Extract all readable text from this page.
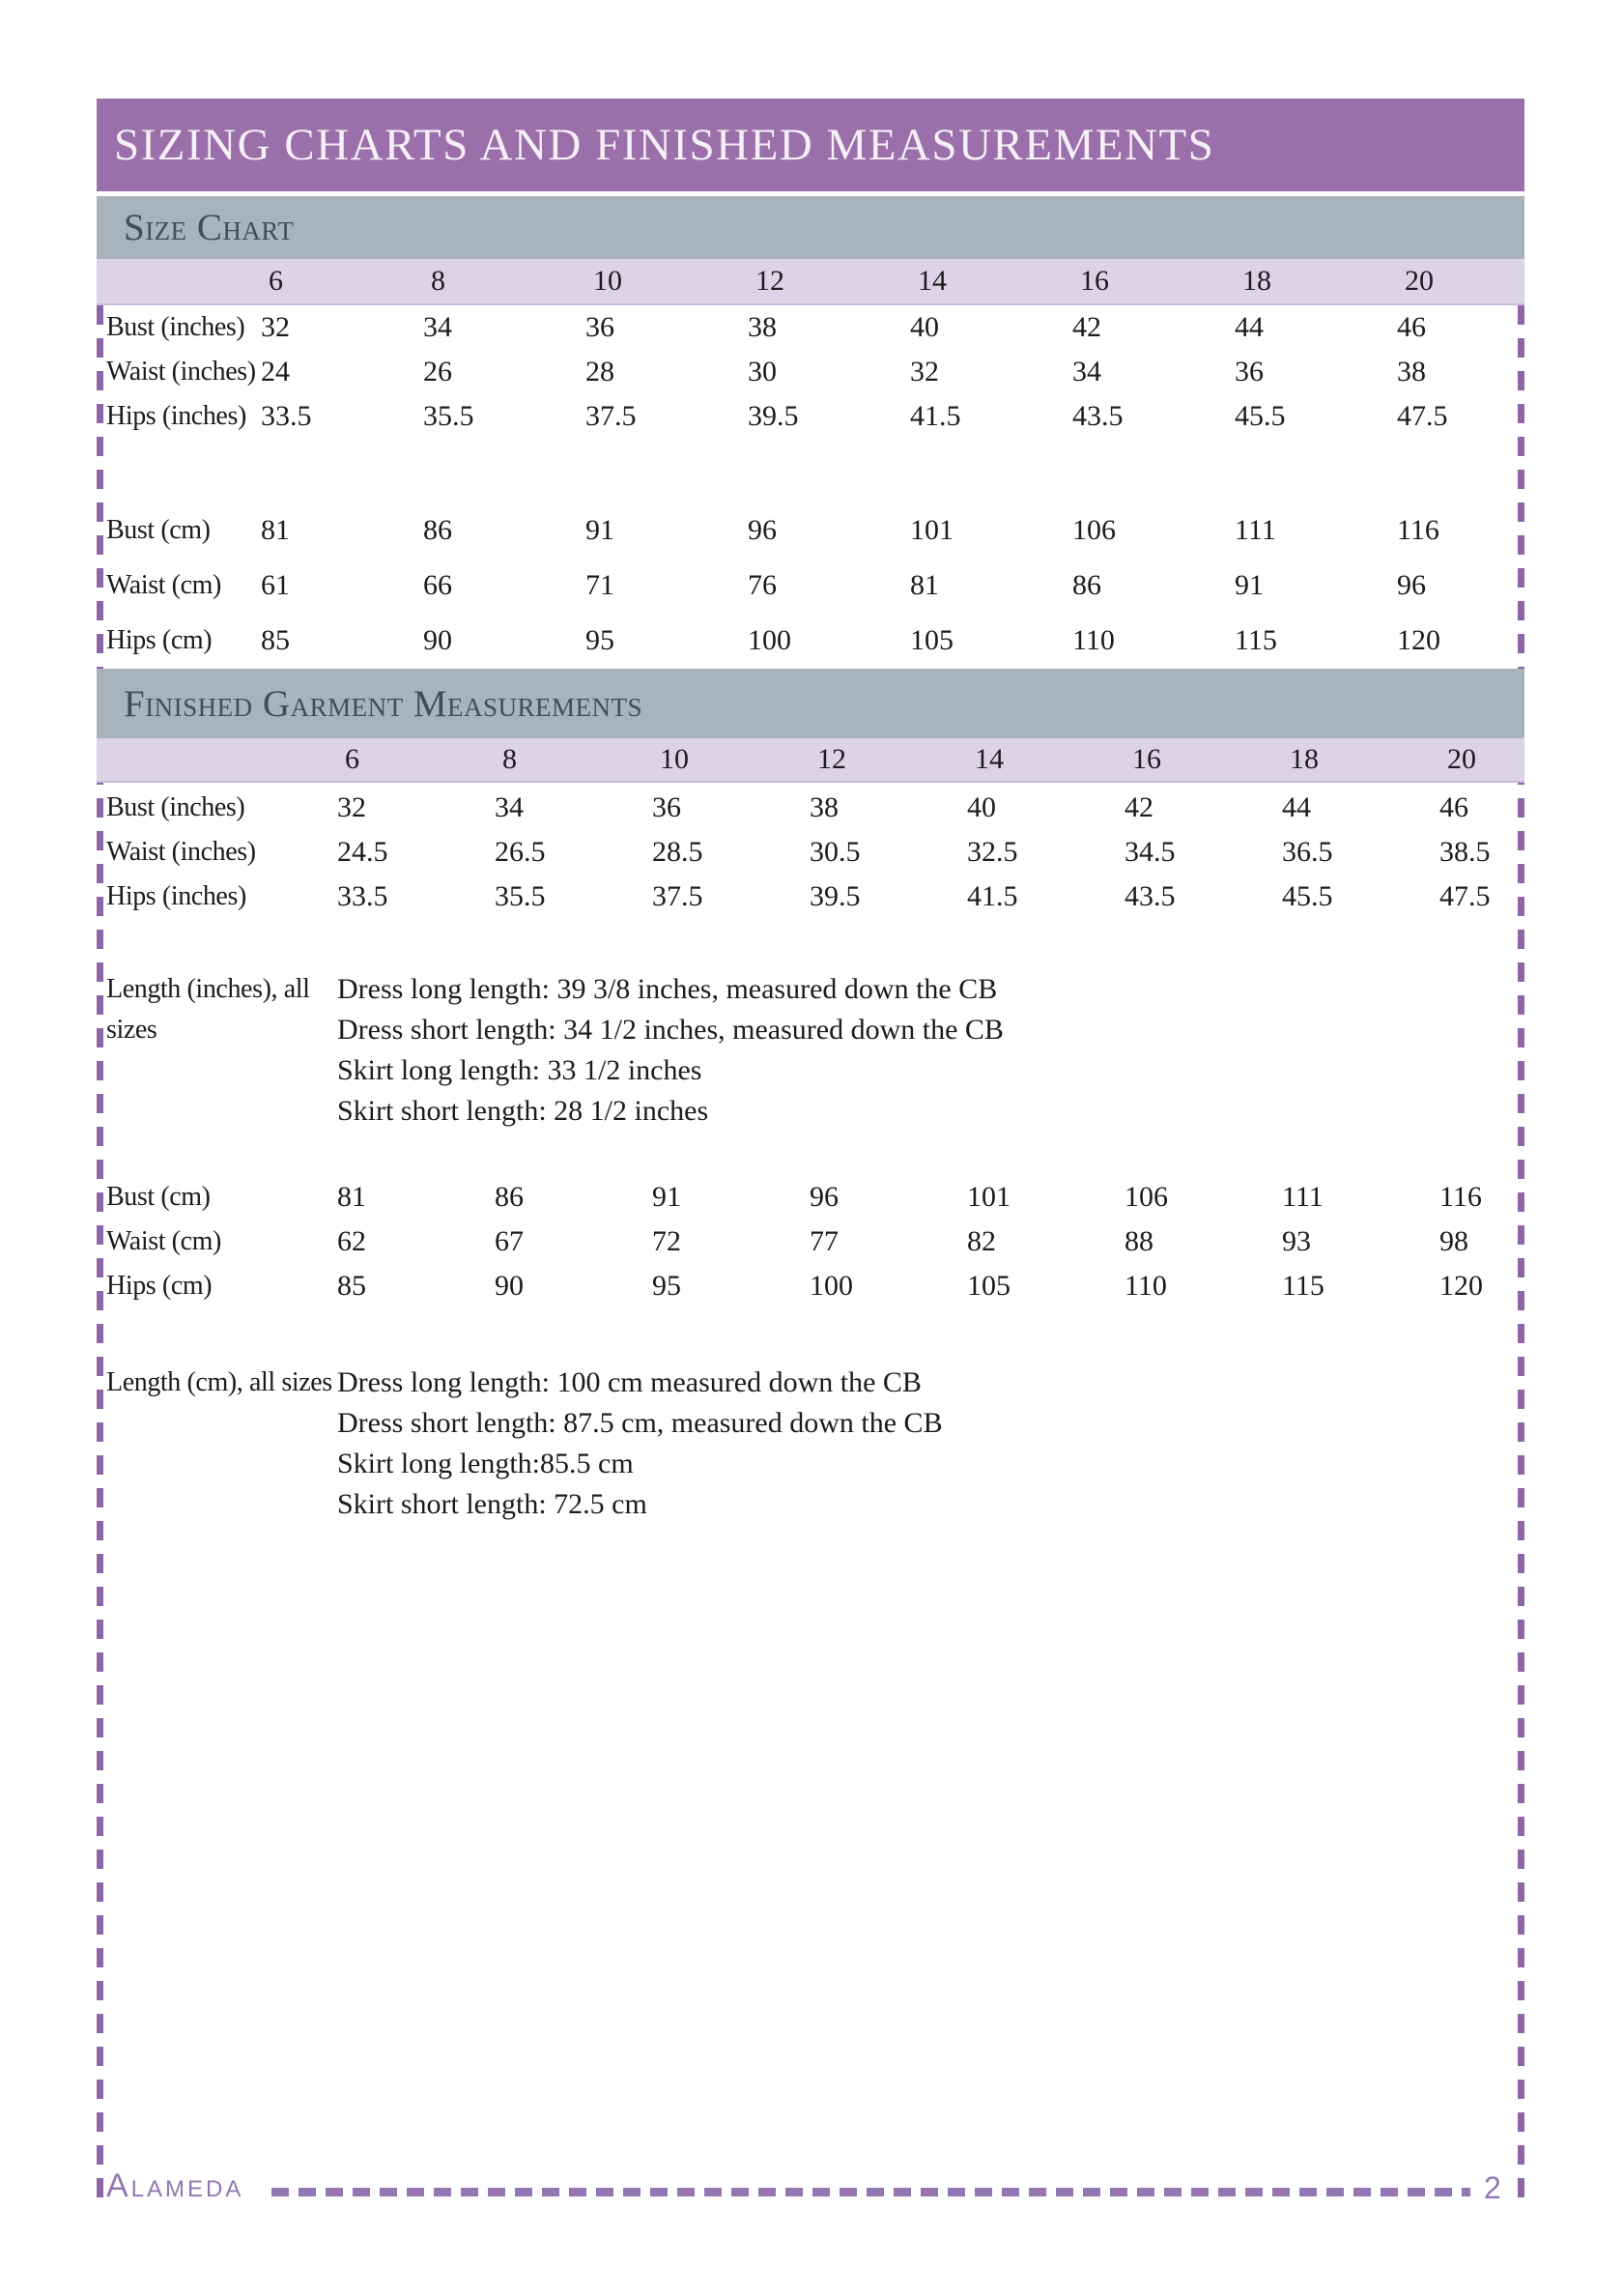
SIZING CHARTS AND FINISHED MEASUREMENTS
Size Chart
6	8	10	12	14	16	18	20
Bust (inches) 32	34	36	38	40	42	44	46
Waist (inches) 24	26	28	30	32	34	36	38
Hips (inches) 33.5	35.5	37.5	39.5	41.5	43.5	45.5	47.5
Bust (cm)	81	86	91	96	101	106	111	116
Waist (cm)	61	66	71	76	81	86	91	96
Hips (cm)	85	90	95	100	105	110	115	120
Finished Garment Measurements
6	8	10	12	14	16	18	20
Bust (inches)	32	34	36	38	40	42	44	46
Waist (inches)	24.5	26.5	28.5	30.5	32.5	34.5	36.5	38.5
Hips (inches)	33.5	35.5	37.5	39.5	41.5	43.5	45.5	47.5
Length (inches), all sizes
Dress long length: 39 3/8 inches, measured down the CB
Dress short length: 34 1/2 inches, measured down the CB
Skirt long length: 33 1/2 inches
Skirt short length: 28 1/2 inches
Bust (cm)	81	86	91	96	101	106	111	116
Waist (cm)	62	67	72	77	82	88	93	98
Hips (cm)	85	90	95	100	105	110	115	120
Length (cm), all sizes Dress long length: 100 cm measured down the CB
Dress short length: 87.5 cm, measured down the CB
Skirt long length:85.5 cm
Skirt short length: 72.5 cm
Alameda	2
